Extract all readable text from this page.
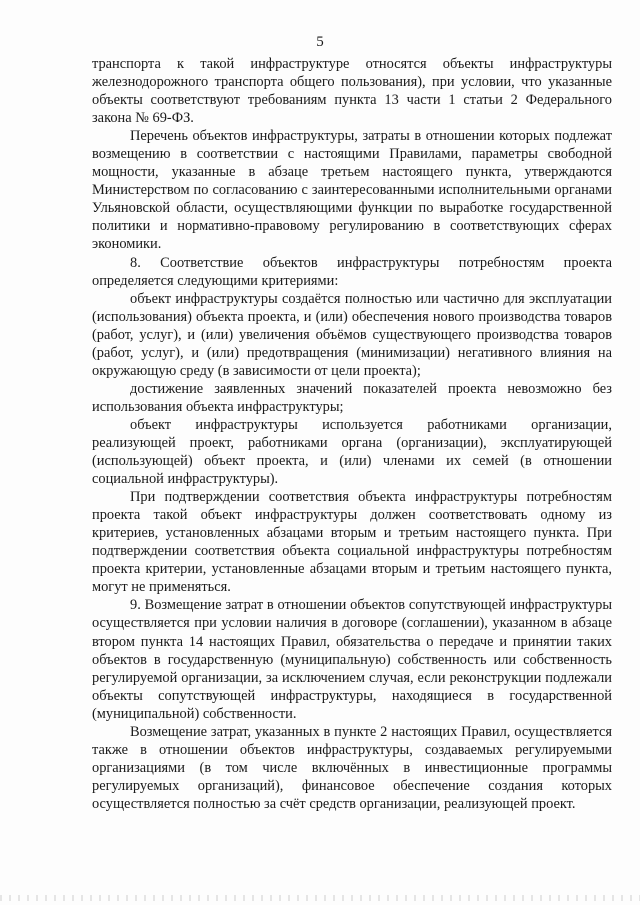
5

транспорта к такой инфраструктуре относятся объекты инфраструктуры железнодорожного транспорта общего пользования), при условии, что указанные объекты соответствуют требованиям пункта 13 части 1 статьи 2 Федерального закона № 69-ФЗ.

Перечень объектов инфраструктуры, затраты в отношении которых подлежат возмещению в соответствии с настоящими Правилами, параметры свободной мощности, указанные в абзаце третьем настоящего пункта, утверждаются Министерством по согласованию с заинтересованными исполнительными органами Ульяновской области, осуществляющими функции по выработке государственной политики и нормативно-правовому регулированию в соответствующих сферах экономики.

8. Соответствие объектов инфраструктуры потребностям проекта определяется следующими критериями:

объект инфраструктуры создаётся полностью или частично для эксплуатации (использования) объекта проекта, и (или) обеспечения нового производства товаров (работ, услуг), и (или) увеличения объёмов существующего производства товаров (работ, услуг), и (или) предотвращения (минимизации) негативного влияния на окружающую среду (в зависимости от цели проекта);

достижение заявленных значений показателей проекта невозможно без использования объекта инфраструктуры;

объект инфраструктуры используется работниками организации, реализующей проект, работниками органа (организации), эксплуатирующей (использующей) объект проекта, и (или) членами их семей (в отношении социальной инфраструктуры).

При подтверждении соответствия объекта инфраструктуры потребностям проекта такой объект инфраструктуры должен соответствовать одному из критериев, установленных абзацами вторым и третьим настоящего пункта. При подтверждении соответствия объекта социальной инфраструктуры потребностям проекта критерии, установленные абзацами вторым и третьим настоящего пункта, могут не применяться.

9. Возмещение затрат в отношении объектов сопутствующей инфраструктуры осуществляется при условии наличия в договоре (соглашении), указанном в абзаце втором пункта 14 настоящих Правил, обязательства о передаче и принятии таких объектов в государственную (муниципальную) собственность или собственность регулируемой организации, за исключением случая, если реконструкции подлежали объекты сопутствующей инфраструктуры, находящиеся в государственной (муниципальной) собственности.

Возмещение затрат, указанных в пункте 2 настоящих Правил, осуществляется также в отношении объектов инфраструктуры, создаваемых регулируемыми организациями (в том числе включённых в инвестиционные программы регулируемых организаций), финансовое обеспечение создания которых осуществляется полностью за счёт средств организации, реализующей проект.
